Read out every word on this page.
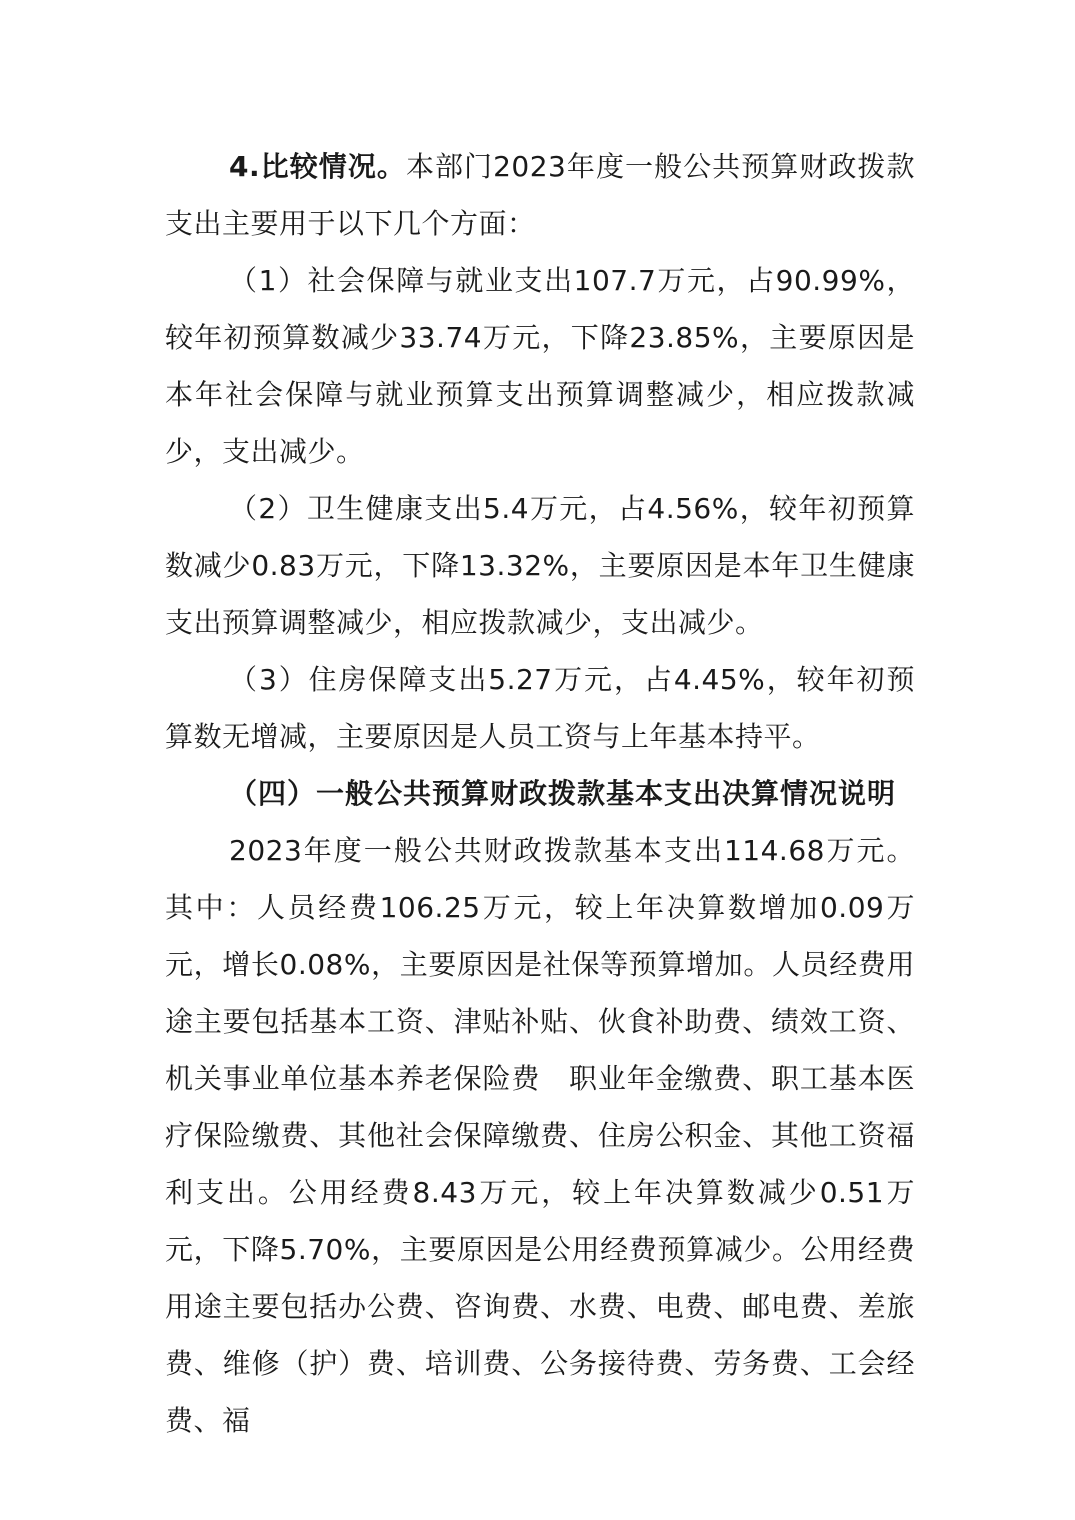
4.比较情况。本部门2023年度一般公共预算财政拨款支出主要用于以下几个方面：

（1）社会保障与就业支出107.7万元，占90.99%，较年初预算数减少33.74万元，下降23.85%，主要原因是本年社会保障与就业预算支出预算调整减少，相应拨款减少，支出减少。

（2）卫生健康支出5.4万元，占4.56%，较年初预算数减少0.83万元，下降13.32%，主要原因是本年卫生健康支出预算调整减少，相应拨款减少，支出减少。

（3）住房保障支出5.27万元，占4.45%，较年初预算数无增减，主要原因是人员工资与上年基本持平。

（四）一般公共预算财政拨款基本支出决算情况说明

2023年度一般公共财政拨款基本支出114.68万元。其中：人员经费106.25万元，较上年决算数增加0.09万元，增长0.08%，主要原因是社保等预算增加。人员经费用途主要包括基本工资、津贴补贴、伙食补助费、绩效工资、机关事业单位基本养老保险费　职业年金缴费、职工基本医疗保险缴费、其他社会保障缴费、住房公积金、其他工资福利支出。公用经费8.43万元，较上年决算数减少0.51万元，下降5.70%，主要原因是公用经费预算减少。公用经费用途主要包括办公费、咨询费、水费、电费、邮电费、差旅费、维修（护）费、培训费、公务接待费、劳务费、工会经费、福
